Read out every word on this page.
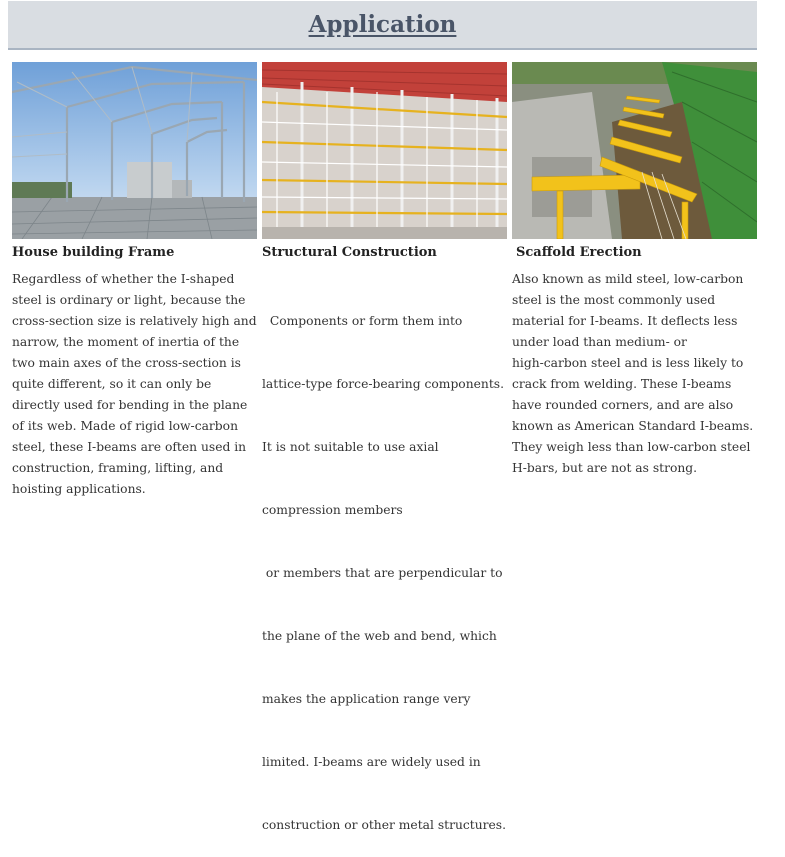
Application
House building Frame
Regardless of whether the I-shaped
steel is ordinary or light, because the
cross-section size is relatively high and
narrow, the moment of inertia of the
two main axes of the cross-section is
quite different, so it can only be
directly used for bending in the plane
of its web. Made of rigid low-carbon
steel, these I-beams are often used in
construction, framing, lifting, and
hoisting applications.
Structural Construction

Components or form them into

lattice-type force-bearing components.

It is not suitable to use axial

compression members

or members that are perpendicular to

the plane of the web and bend, which

makes the application range very

limited. I-beams are widely used in

construction or other metal structures.

Scaffold Erection
Also known as mild steel, low-carbon
steel is the most commonly used
material for I-beams. It deflects less
under load than medium- or
high-carbon steel and is less likely to
crack from welding. These I-beams
have rounded corners, and are also
known as American Standard I-beams.
They weigh less than low-carbon steel
H-bars, but are not as strong.
